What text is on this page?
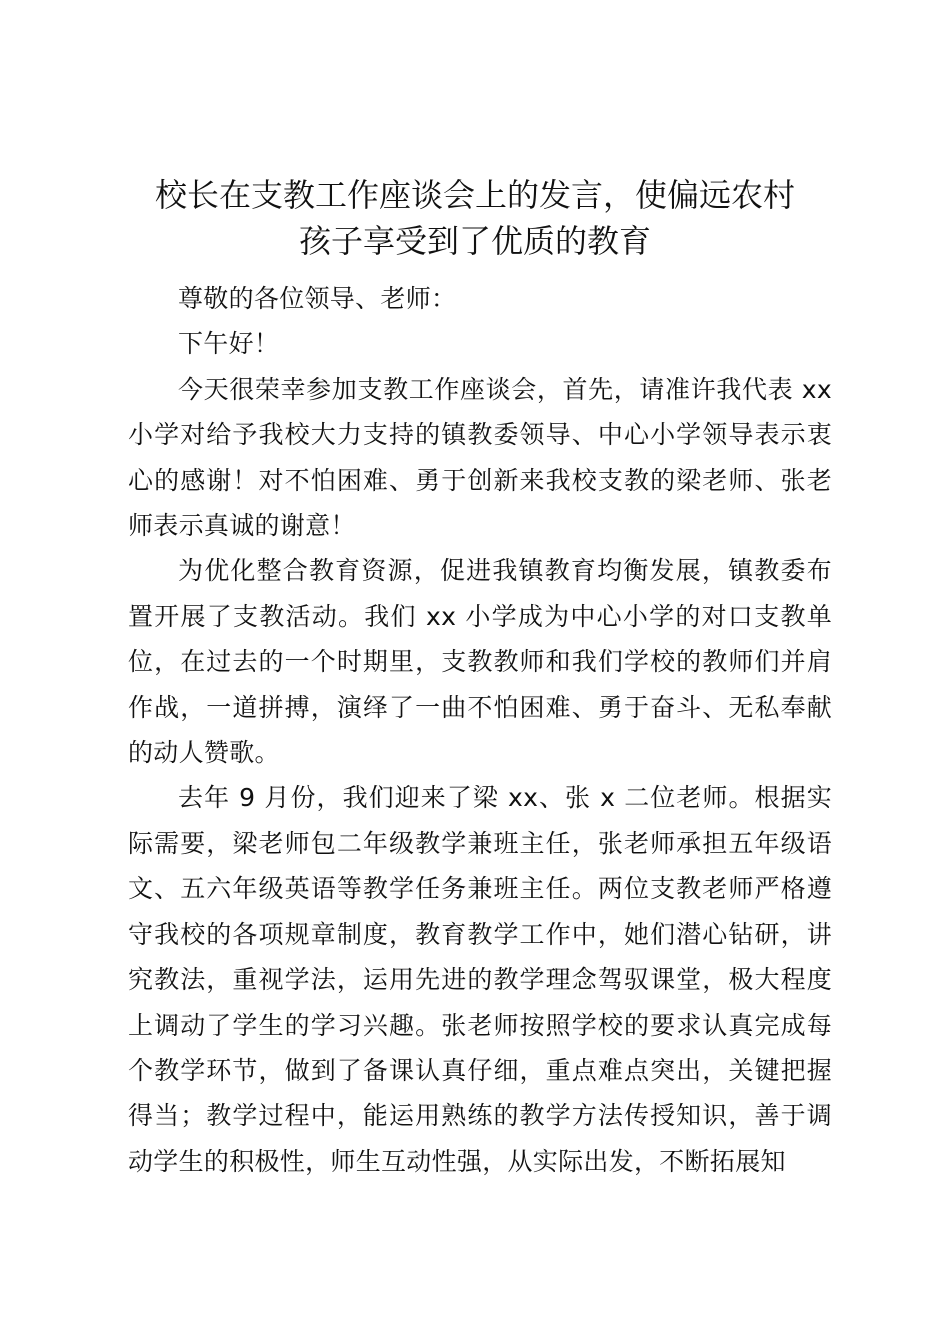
校长在支教工作座谈会上的发言，使偏远农村
孩子享受到了优质的教育

尊敬的各位领导、老师：

下午好！

今天很荣幸参加支教工作座谈会，首先，请准许我代表 xx 小学对给予我校大力支持的镇教委领导、中心小学领导表示衷心的感谢！对不怕困难、勇于创新来我校支教的梁老师、张老师表示真诚的谢意！

为优化整合教育资源，促进我镇教育均衡发展，镇教委布置开展了支教活动。我们 xx 小学成为中心小学的对口支教单位，在过去的一个时期里，支教教师和我们学校的教师们并肩作战，一道拼搏，演绎了一曲不怕困难、勇于奋斗、无私奉献的动人赞歌。

去年 9 月份，我们迎来了梁 xx、张 x 二位老师。根据实际需要，梁老师包二年级教学兼班主任，张老师承担五年级语文、五六年级英语等教学任务兼班主任。两位支教老师严格遵守我校的各项规章制度，教育教学工作中，她们潜心钻研，讲究教法，重视学法，运用先进的教学理念驾驭课堂，极大程度上调动了学生的学习兴趣。张老师按照学校的要求认真完成每个教学环节，做到了备课认真仔细，重点难点突出，关键把握得当；教学过程中，能运用熟练的教学方法传授知识，善于调动学生的积极性，师生互动性强，从实际出发，不断拓展知
